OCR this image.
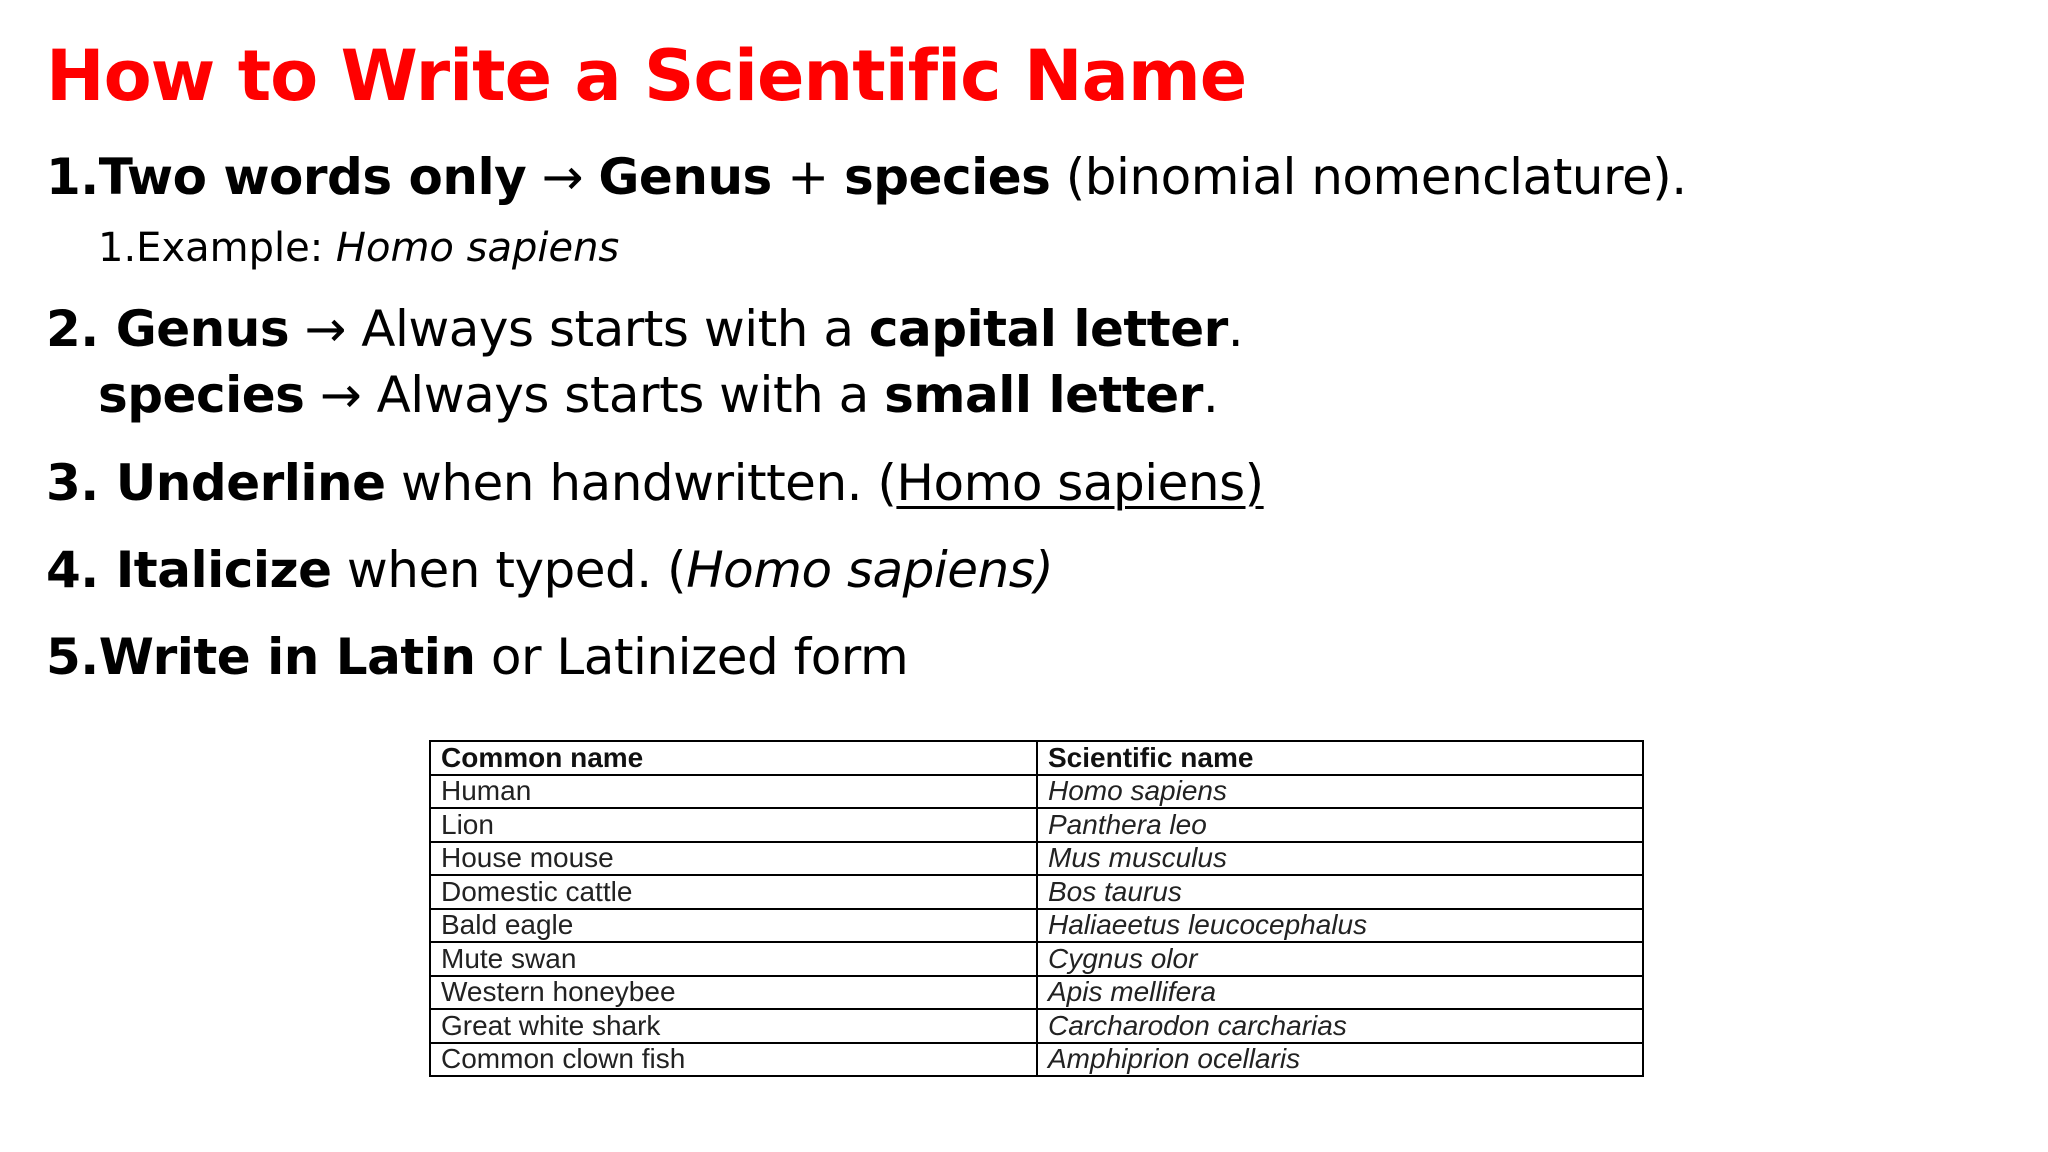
How to Write a Scientific Name

1.Two words only → Genus + species (binomial nomenclature).

1.Example: Homo sapiens

2. Genus → Always starts with a capital letter.

species → Always starts with a small letter.

3. Underline when handwritten. (Homo sapiens)

4. Italicize when typed. (Homo sapiens)

5.Write in Latin or Latinized form

Common name	Scientific name
Human	Homo sapiens
Lion	Panthera leo
House mouse	Mus musculus
Domestic cattle	Bos taurus
Bald eagle	Haliaeetus leucocephalus
Mute swan	Cygnus olor
Western honeybee	Apis mellifera
Great white shark	Carcharodon carcharias
Common clown fish	Amphiprion ocellaris
